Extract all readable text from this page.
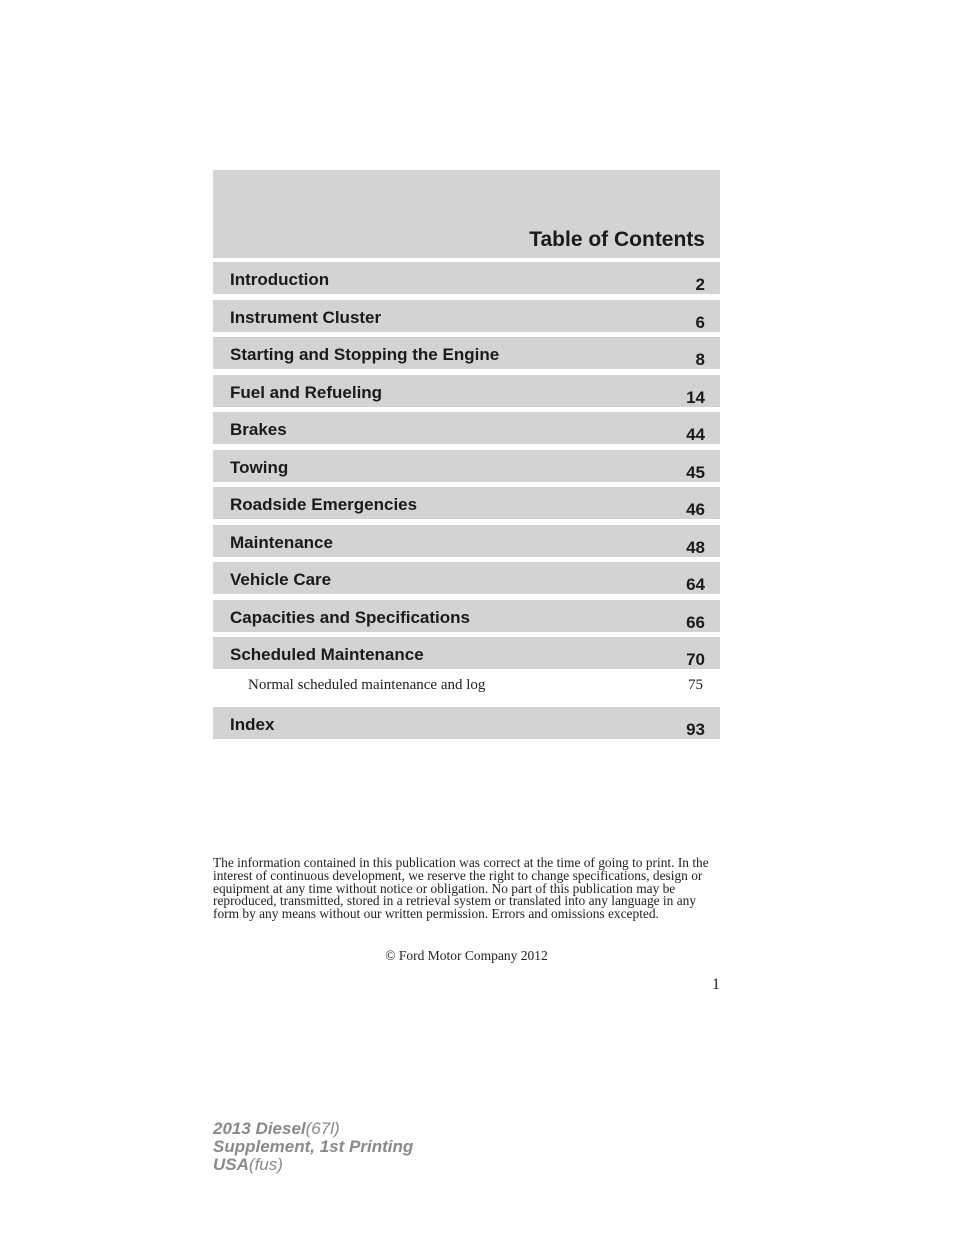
Table of Contents
Introduction	2
Instrument Cluster	6
Starting and Stopping the Engine	8
Fuel and Refueling	14
Brakes	44
Towing	45
Roadside Emergencies	46
Maintenance	48
Vehicle Care	64
Capacities and Specifications	66
Scheduled Maintenance	70
Normal scheduled maintenance and log	75
Index	93
The information contained in this publication was correct at the time of going to print. In the interest of continuous development, we reserve the right to change specifications, design or equipment at any time without notice or obligation. No part of this publication may be reproduced, transmitted, stored in a retrieval system or translated into any language in any form by any means without our written permission. Errors and omissions excepted.
© Ford Motor Company 2012
1
2013 Diesel(67l)
Supplement, 1st Printing
USA(fus)
